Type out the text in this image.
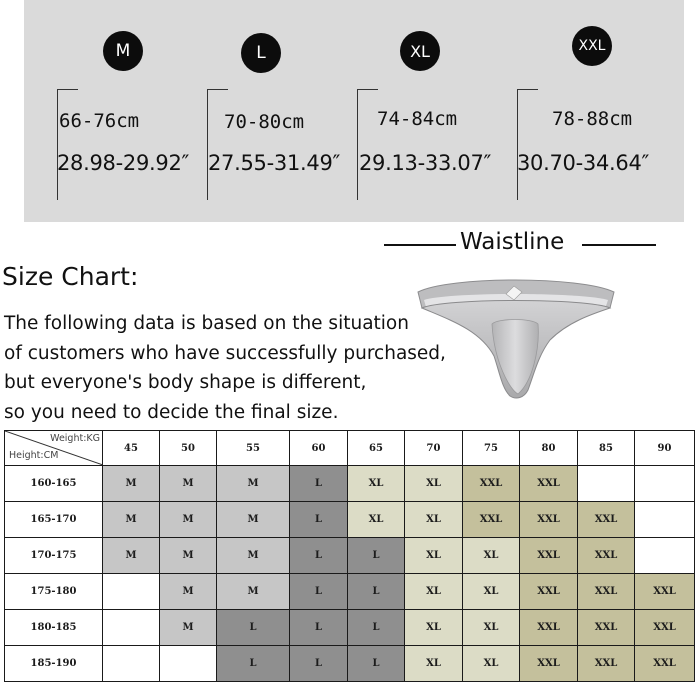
M
66-76cm
28.98-29.92″
L
70-80cm
27.55-31.49″
XL
74-84cm
29.13-33.07″
XXL
78-88cm
30.70-34.64″
Waistline
Size Chart:
The following data is based on the situation
of customers who have successfully purchased,
but everyone's body shape is different,
so you need to decide the final size.
Weight:KG
Height:CM	45	50	55	60	65	70	75	80	85	90
160-165	M	M	M	L	XL	XL	XXL	XXL		
165-170	M	M	M	L	XL	XL	XXL	XXL	XXL	
170-175	M	M	M	L	L	XL	XL	XXL	XXL	
175-180		M	M	L	L	XL	XL	XXL	XXL	XXL
180-185		M	L	L	L	XL	XL	XXL	XXL	XXL
185-190			L	L	L	XL	XL	XXL	XXL	XXL
